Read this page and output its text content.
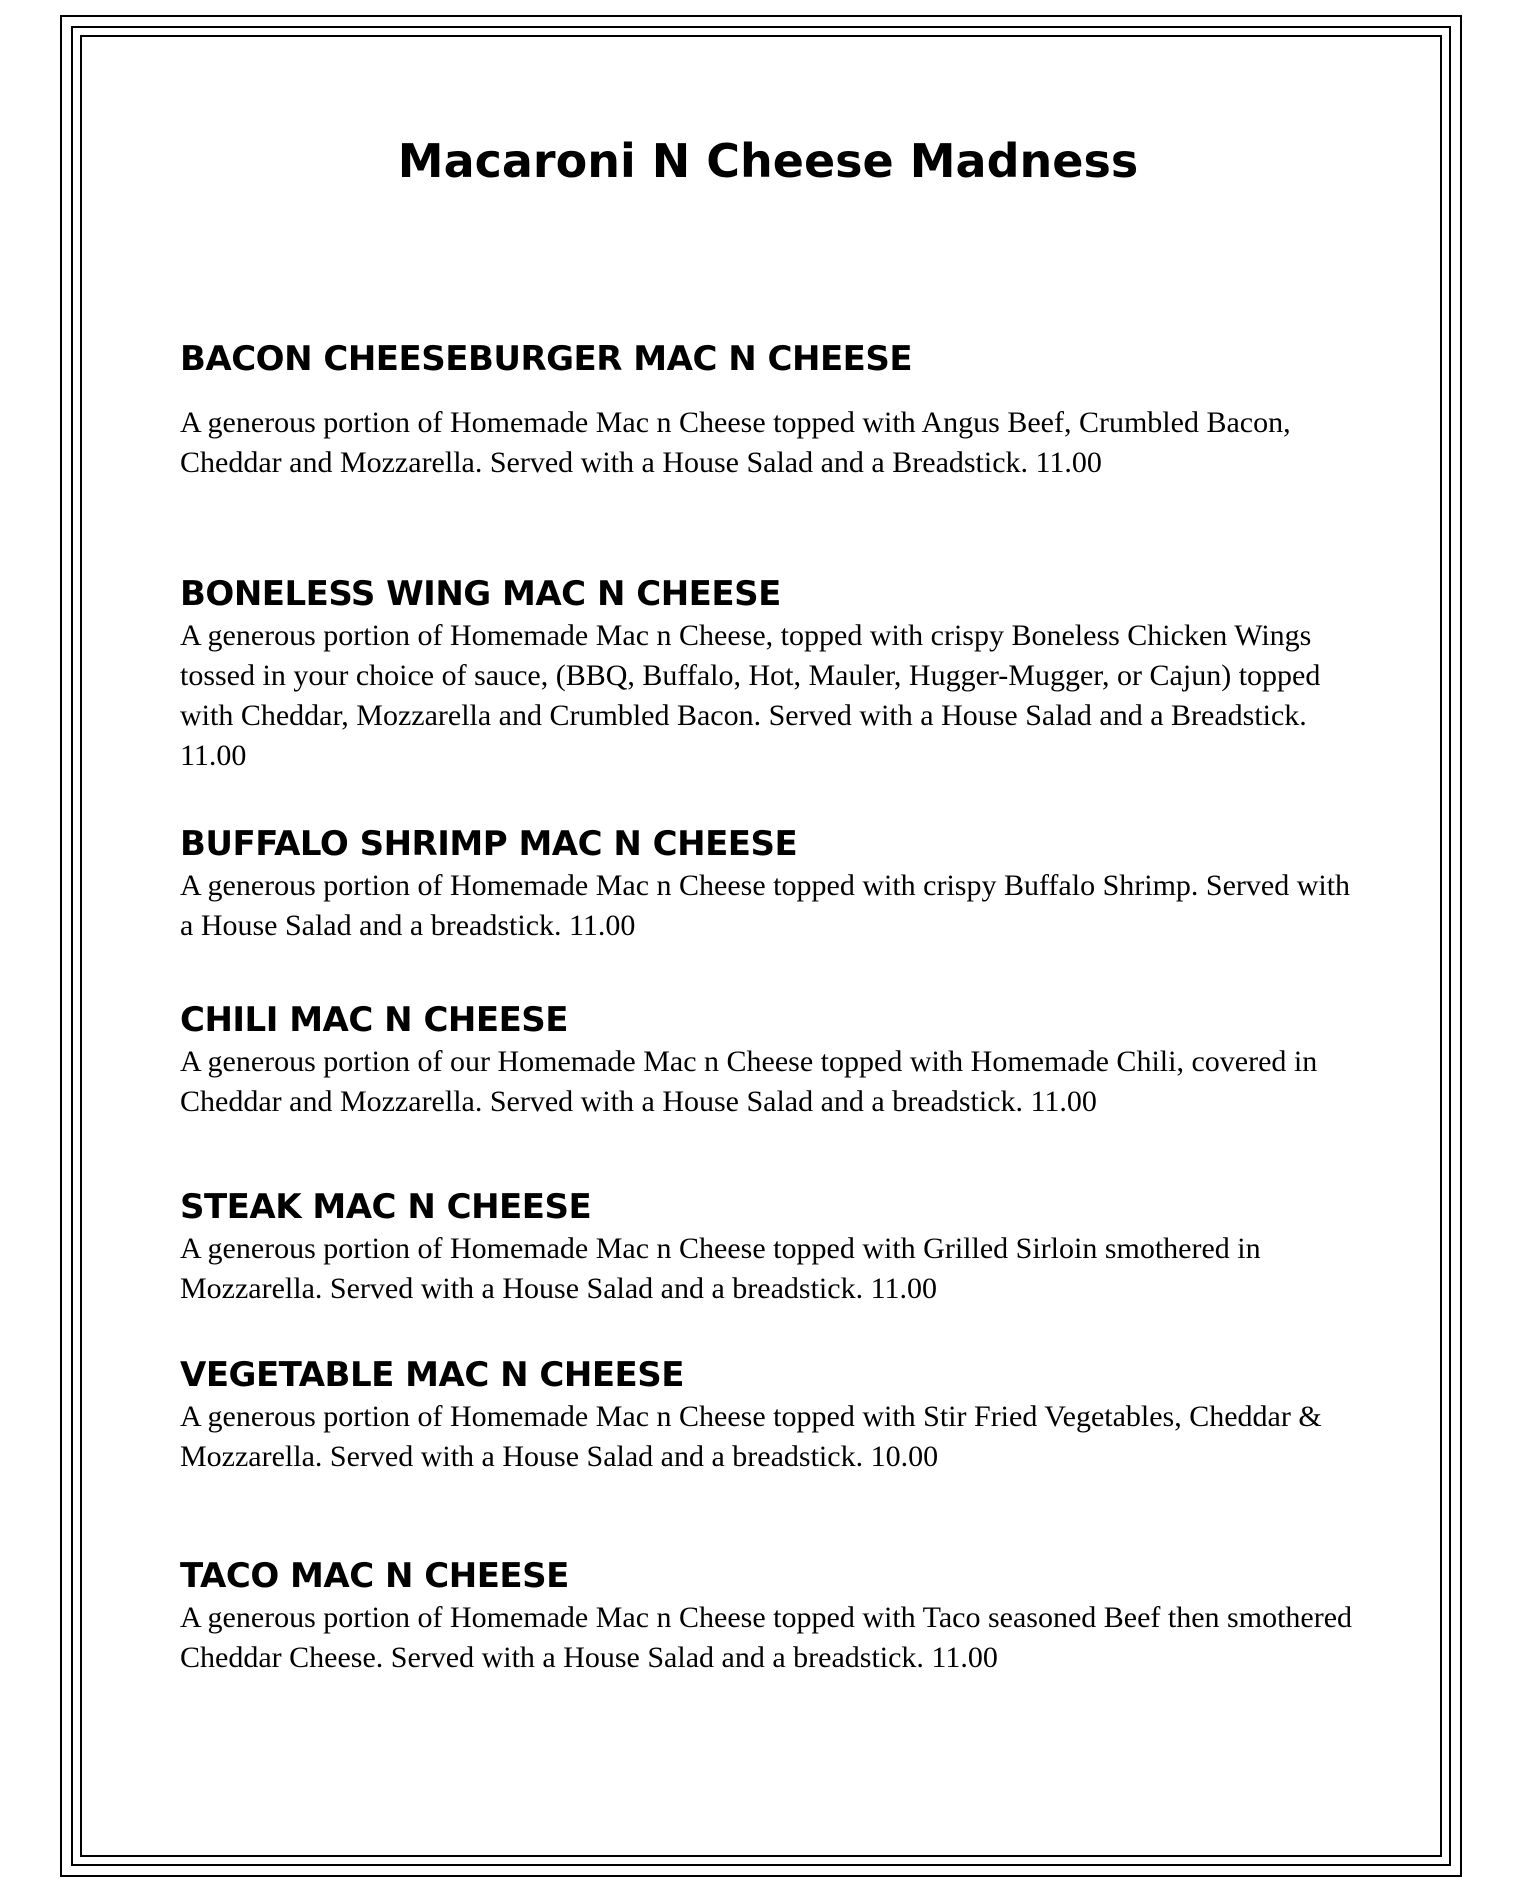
Macaroni N Cheese Madness
BACON CHEESEBURGER MAC N CHEESE

A generous portion of Homemade Mac n Cheese topped with Angus Beef, Crumbled Bacon, Cheddar and Mozzarella. Served with a House Salad and a Breadstick. 11.00

BONELESS WING MAC N CHEESE

A generous portion of Homemade Mac n Cheese, topped with crispy Boneless Chicken Wings tossed in your choice of sauce, (BBQ, Buffalo, Hot, Mauler, Hugger-Mugger, or Cajun) topped with Cheddar, Mozzarella and Crumbled Bacon. Served with a House Salad and a Breadstick. 11.00

BUFFALO SHRIMP MAC N CHEESE

A generous portion of Homemade Mac n Cheese topped with crispy Buffalo Shrimp. Served with a House Salad and a breadstick. 11.00

CHILI MAC N CHEESE

A generous portion of our Homemade Mac n Cheese topped with Homemade Chili, covered in Cheddar and Mozzarella. Served with a House Salad and a breadstick. 11.00

STEAK MAC N CHEESE

A generous portion of Homemade Mac n Cheese topped with Grilled Sirloin smothered in Mozzarella. Served with a House Salad and a breadstick. 11.00

VEGETABLE MAC N CHEESE

A generous portion of Homemade Mac n Cheese topped with Stir Fried Vegetables, Cheddar & Mozzarella. Served with a House Salad and a breadstick. 10.00

TACO MAC N CHEESE

A generous portion of Homemade Mac n Cheese topped with Taco seasoned Beef then smothered Cheddar Cheese. Served with a House Salad and a breadstick. 11.00
